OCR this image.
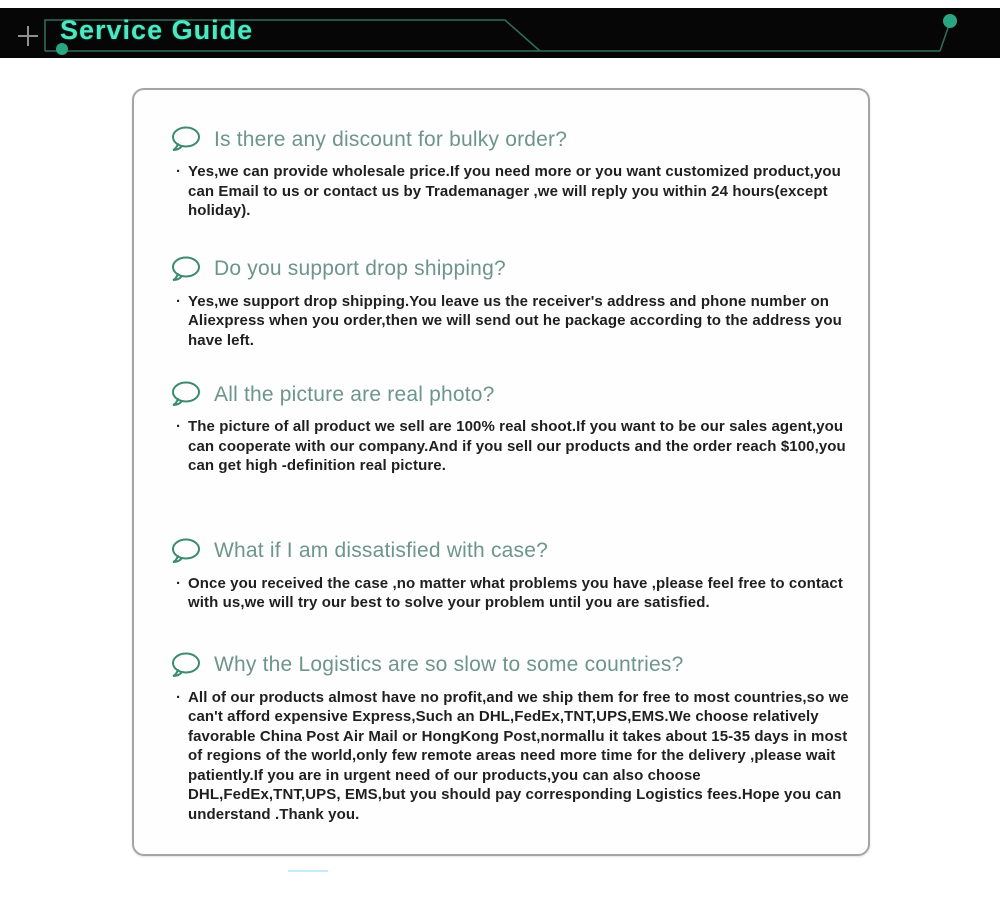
Service Guide
Is there any discount for bulky order?
· Yes,we can provide wholesale price.If you need more or you want customized product,you can Email to us or contact us by Trademanager ,we will reply you within 24 hours(except holiday).
Do you support drop shipping?
· Yes,we support drop shipping.You leave us the receiver's address and phone number on Aliexpress when you order,then we will send out he package according to the address you have left.
All the picture are real photo?
· The picture of all product we sell are 100% real shoot.If you want to be our sales agent,you can cooperate with our company.And if you sell our products and the order reach $100,you can get high -definition real picture.
What if I am dissatisfied with case?
· Once you received the case ,no matter what problems you have ,please feel free to contact with us,we will try our best to solve your problem until you are satisfied.
Why the Logistics are so slow to some countries?
· All of our products almost have no profit,and we ship them for free to most countries,so we can't afford expensive Express,Such an DHL,FedEx,TNT,UPS,EMS.We choose relatively favorable China Post Air Mail or HongKong Post,normallu it takes about 15-35 days in most of regions of the world,only few remote areas need more time for the delivery ,please wait patiently.If you are in urgent need of our products,you can also choose DHL,FedEx,TNT,UPS, EMS,but you should pay corresponding Logistics fees.Hope you can understand .Thank you.
